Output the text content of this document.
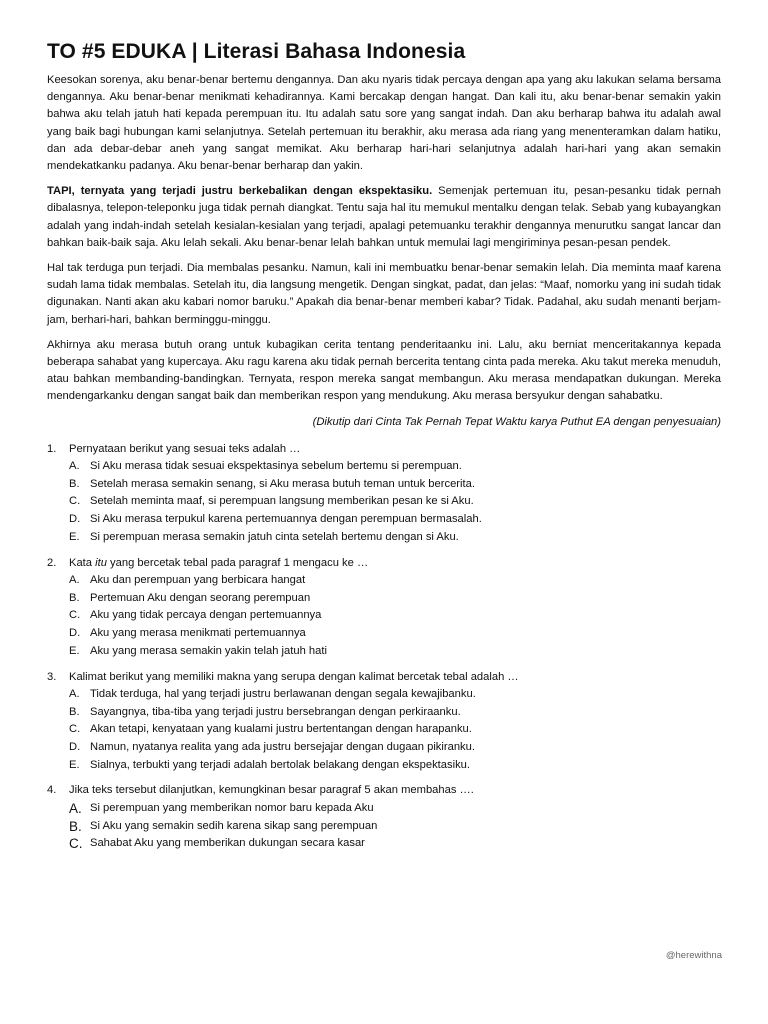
TO #5 EDUKA | Literasi Bahasa Indonesia

Keesokan sorenya, aku benar-benar bertemu dengannya. Dan aku nyaris tidak percaya dengan apa yang aku lakukan selama bersama dengannya. Aku benar-benar menikmati kehadirannya. Kami bercakap dengan hangat. Dan kali itu, aku benar-benar semakin yakin bahwa aku telah jatuh hati kepada perempuan itu. Itu adalah satu sore yang sangat indah. Dan aku berharap bahwa itu adalah awal yang baik bagi hubungan kami selanjutnya. Setelah pertemuan itu berakhir, aku merasa ada riang yang menenteramkan dalam hatiku, dan ada debar-debar aneh yang sangat memikat. Aku berharap hari-hari selanjutnya adalah hari-hari yang akan semakin mendekatkanku padanya. Aku benar-benar berharap dan yakin.

TAPI, ternyata yang terjadi justru berkebalikan dengan ekspektasiku. Semenjak pertemuan itu, pesan-pesanku tidak pernah dibalasnya, telepon-teleponku juga tidak pernah diangkat. Tentu saja hal itu memukul mentalku dengan telak. Sebab yang kubayangkan adalah yang indah-indah setelah kesialan-kesialan yang terjadi, apalagi petemuanku terakhir dengannya menurutku sangat lancar dan bahkan baik-baik saja. Aku lelah sekali. Aku benar-benar lelah bahkan untuk memulai lagi mengiriminya pesan-pesan pendek.

Hal tak terduga pun terjadi. Dia membalas pesanku. Namun, kali ini membuatku benar-benar semakin lelah. Dia meminta maaf karena sudah lama tidak membalas. Setelah itu, dia langsung mengetik. Dengan singkat, padat, dan jelas: “Maaf, nomorku yang ini sudah tidak digunakan. Nanti akan aku kabari nomor baruku.” Apakah dia benar-benar memberi kabar? Tidak. Padahal, aku sudah menanti berjam-jam, berhari-hari, bahkan berminggu-minggu.

Akhirnya aku merasa butuh orang untuk kubagikan cerita tentang penderitaanku ini. Lalu, aku berniat menceritakannya kepada beberapa sahabat yang kupercaya. Aku ragu karena aku tidak pernah bercerita tentang cinta pada mereka. Aku takut mereka menuduh, atau bahkan membanding-bandingkan. Ternyata, respon mereka sangat membangun. Aku merasa mendapatkan dukungan. Mereka mendengarkanku dengan sangat baik dan memberikan respon yang mendukung. Aku merasa bersyukur dengan sahabatku.

(Dikutip dari Cinta Tak Pernah Tepat Waktu karya Puthut EA dengan penyesuaian)
1.	Pernyataan berikut yang sesuai teks adalah …
A. Si Aku merasa tidak sesuai ekspektasinya sebelum bertemu si perempuan.
B. Setelah merasa semakin senang, si Aku merasa butuh teman untuk bercerita.
C. Setelah meminta maaf, si perempuan langsung memberikan pesan ke si Aku.
D. Si Aku merasa terpukul karena pertemuannya dengan perempuan bermasalah.
E. Si perempuan merasa semakin jatuh cinta setelah bertemu dengan si Aku.
2.	Kata itu yang bercetak tebal pada paragraf 1 mengacu ke …
A. Aku dan perempuan yang berbicara hangat
B. Pertemuan Aku dengan seorang perempuan
C. Aku yang tidak percaya dengan pertemuannya
D. Aku yang merasa menikmati pertemuannya
E. Aku yang merasa semakin yakin telah jatuh hati
3.	Kalimat berikut yang memiliki makna yang serupa dengan kalimat bercetak tebal adalah …
A. Tidak terduga, hal yang terjadi justru berlawanan dengan segala kewajibanku.
B. Sayangnya, tiba-tiba yang terjadi justru bersebrangan dengan perkiraanku.
C. Akan tetapi, kenyataan yang kualami justru bertentangan dengan harapanku.
D. Namun, nyatanya realita yang ada justru bersejajar dengan dugaan pikiranku.
E. Sialnya, terbukti yang terjadi adalah bertolak belakang dengan ekspektasiku.
4.	Jika teks tersebut dilanjutkan, kemungkinan besar paragraf 5 akan membahas ….
A. Si perempuan yang memberikan nomor baru kepada Aku
B. Si Aku yang semakin sedih karena sikap sang perempuan
C. Sahabat Aku yang memberikan dukungan secara kasar
@herewithna
